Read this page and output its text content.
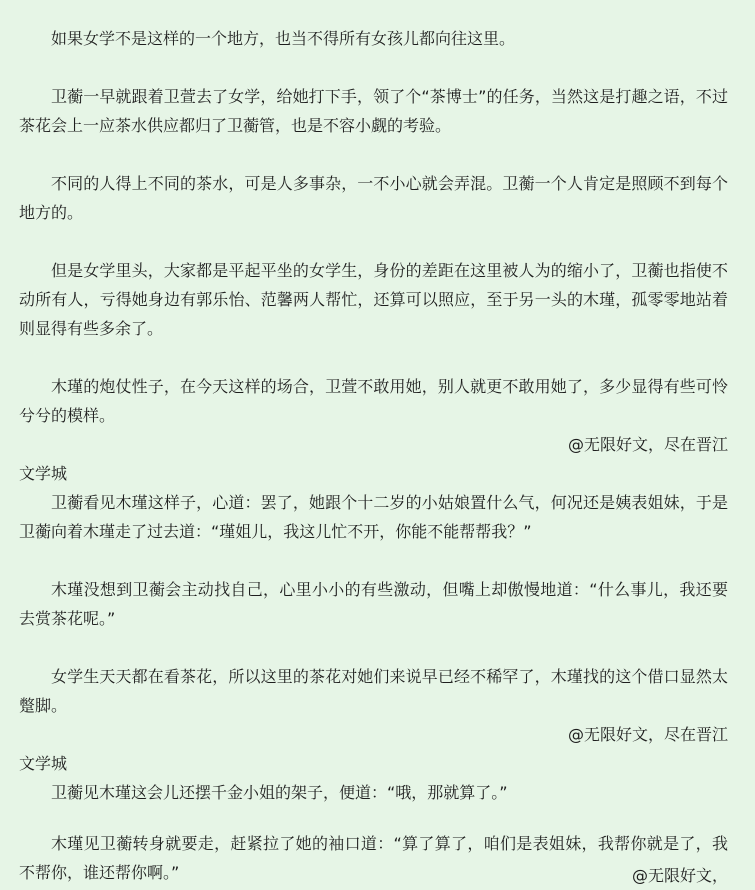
如果女学不是这样的一个地方，也当不得所有女孩儿都向往这里。

卫蘅一早就跟着卫萱去了女学，给她打下手，领了个“茶博士”的任务，当然这是打趣之语，不过茶花会上一应茶水供应都归了卫蘅管，也是不容小觑的考验。

不同的人得上不同的茶水，可是人多事杂，一不小心就会弄混。卫蘅一个人肯定是照顾不到每个地方的。

但是女学里头，大家都是平起平坐的女学生，身份的差距在这里被人为的缩小了，卫蘅也指使不动所有人，亏得她身边有郭乐怡、范馨两人帮忙，还算可以照应，至于另一头的木瑾，孤零零地站着则显得有些多余了。

木瑾的炮仗性子，在今天这样的场合，卫萱不敢用她，别人就更不敢用她了，多少显得有些可怜兮兮的模样。

@无限好文，尽在晋江

文学城

卫蘅看见木瑾这样子，心道：罢了，她跟个十二岁的小姑娘置什么气，何况还是姨表姐妹，于是卫蘅向着木瑾走了过去道：“瑾姐儿，我这儿忙不开，你能不能帮帮我？”

木瑾没想到卫蘅会主动找自己，心里小小的有些激动，但嘴上却傲慢地道：“什么事儿，我还要去赏茶花呢。”

女学生天天都在看茶花，所以这里的茶花对她们来说早已经不稀罕了，木瑾找的这个借口显然太蹩脚。

@无限好文，尽在晋江

文学城

卫蘅见木瑾这会儿还摆千金小姐的架子，便道：“哦，那就算了。”

木瑾见卫蘅转身就要走，赶紧拉了她的袖口道：“算了算了，咱们是表姐妹，我帮你就是了，我不帮你，谁还帮你啊。”	@无限好文，
